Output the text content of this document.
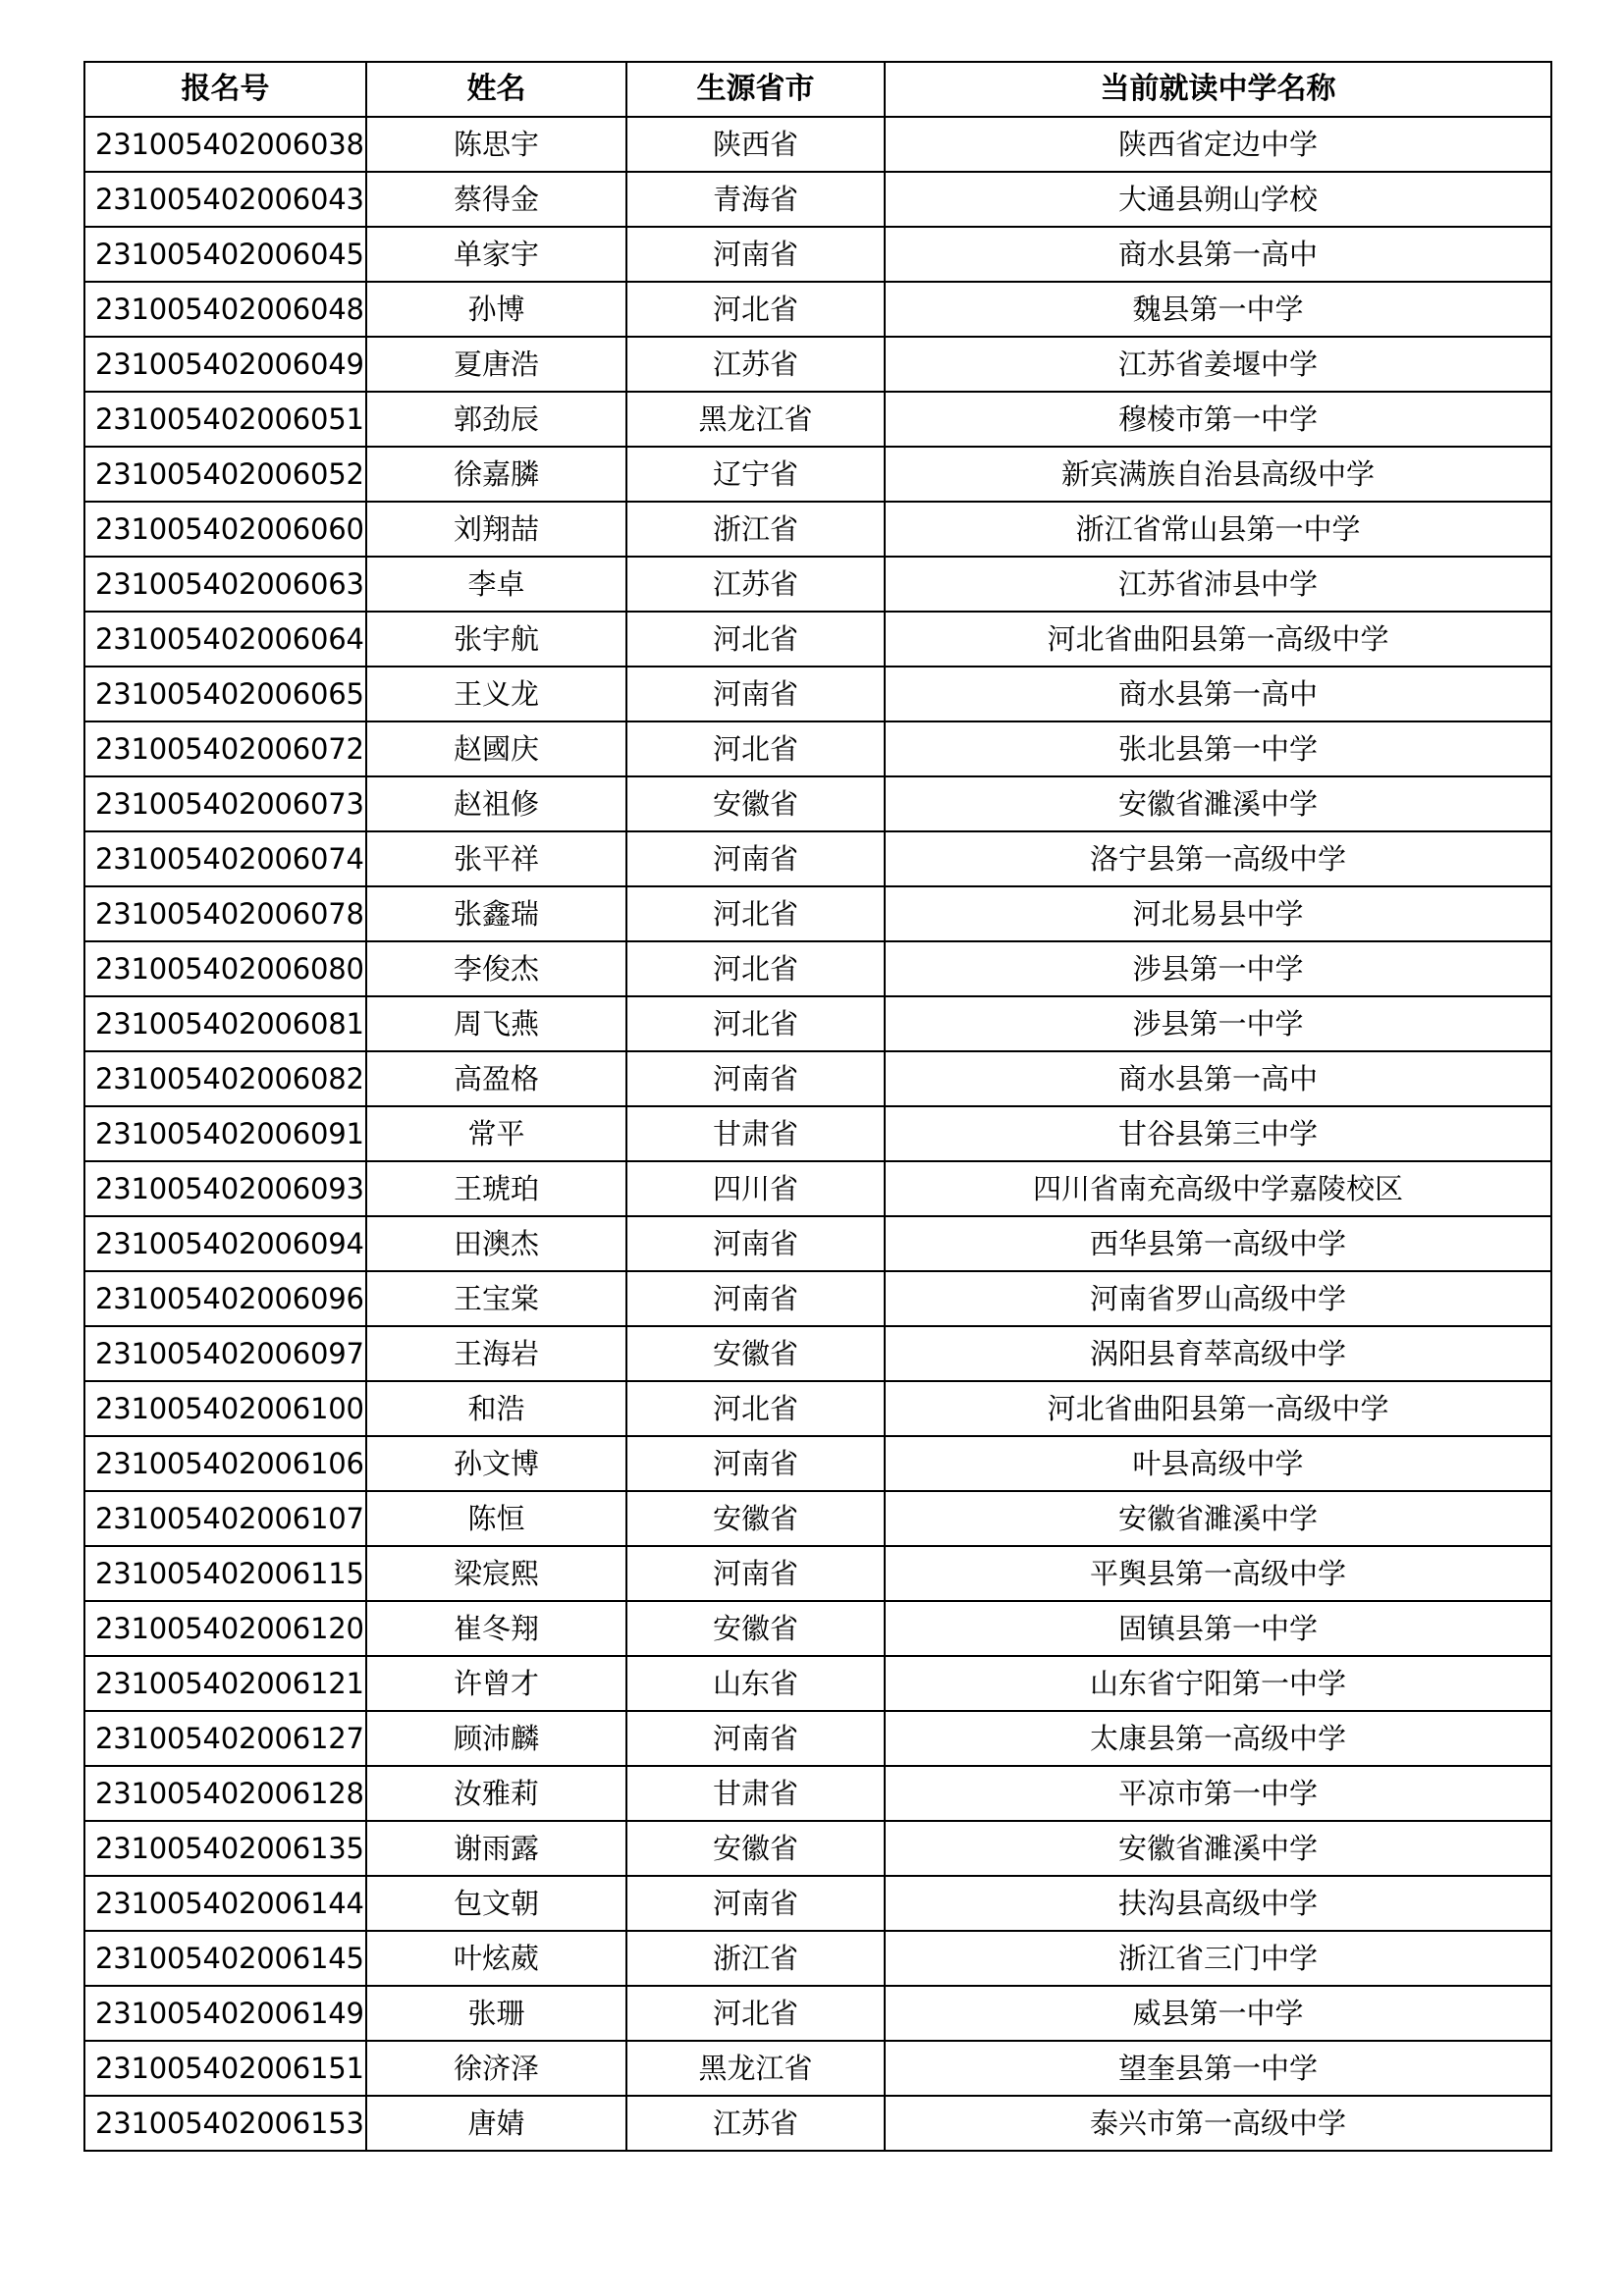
报名号	姓名	生源省市	当前就读中学名称
231005402006038	陈思宇	陕西省	陕西省定边中学
231005402006043	蔡得金	青海省	大通县朔山学校
231005402006045	单家宇	河南省	商水县第一高中
231005402006048	孙博	河北省	魏县第一中学
231005402006049	夏唐浩	江苏省	江苏省姜堰中学
231005402006051	郭劲辰	黑龙江省	穆棱市第一中学
231005402006052	徐嘉膦	辽宁省	新宾满族自治县高级中学
231005402006060	刘翔喆	浙江省	浙江省常山县第一中学
231005402006063	李卓	江苏省	江苏省沛县中学
231005402006064	张宇航	河北省	河北省曲阳县第一高级中学
231005402006065	王义龙	河南省	商水县第一高中
231005402006072	赵國庆	河北省	张北县第一中学
231005402006073	赵祖修	安徽省	安徽省濉溪中学
231005402006074	张平祥	河南省	洛宁县第一高级中学
231005402006078	张鑫瑞	河北省	河北易县中学
231005402006080	李俊杰	河北省	涉县第一中学
231005402006081	周飞燕	河北省	涉县第一中学
231005402006082	高盈格	河南省	商水县第一高中
231005402006091	常平	甘肃省	甘谷县第三中学
231005402006093	王琥珀	四川省	四川省南充高级中学嘉陵校区
231005402006094	田澳杰	河南省	西华县第一高级中学
231005402006096	王宝棠	河南省	河南省罗山高级中学
231005402006097	王海岩	安徽省	涡阳县育萃高级中学
231005402006100	和浩	河北省	河北省曲阳县第一高级中学
231005402006106	孙文博	河南省	叶县高级中学
231005402006107	陈恒	安徽省	安徽省濉溪中学
231005402006115	梁宸熙	河南省	平舆县第一高级中学
231005402006120	崔冬翔	安徽省	固镇县第一中学
231005402006121	许曾才	山东省	山东省宁阳第一中学
231005402006127	顾沛麟	河南省	太康县第一高级中学
231005402006128	汝雅莉	甘肃省	平凉市第一中学
231005402006135	谢雨露	安徽省	安徽省濉溪中学
231005402006144	包文朝	河南省	扶沟县高级中学
231005402006145	叶炫葳	浙江省	浙江省三门中学
231005402006149	张珊	河北省	威县第一中学
231005402006151	徐济泽	黑龙江省	望奎县第一中学
231005402006153	唐婧	江苏省	泰兴市第一高级中学
